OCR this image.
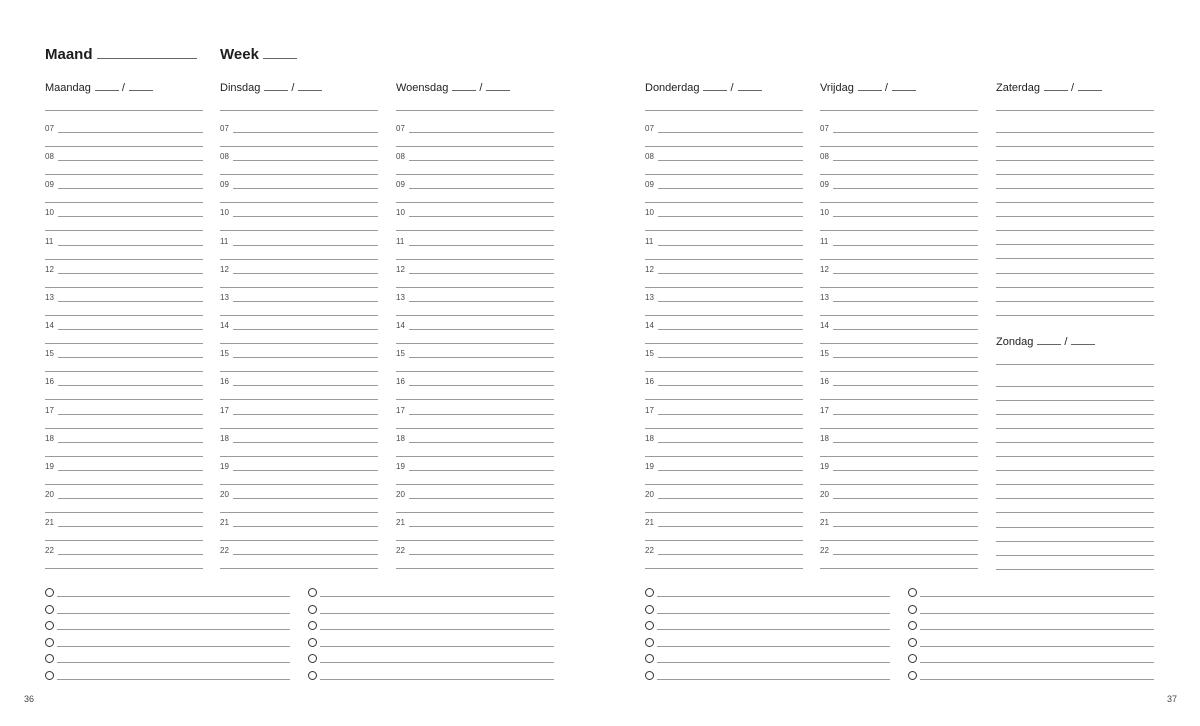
Maand	Week
Maandag	/
07
08
09
10
11
12
13
14
15
16
17
18
19
20
21
22
Dinsdag	/
07
08
09
10
11
12
13
14
15
16
17
18
19
20
21
22
Woensdag	/
07
08
09
10
11
12
13
14
15
16
17
18
19
20
21
22
Donderdag	/
07
08
09
10
11
12
13
14
15
16
17
18
19
20
21
22
Vrijdag	/
07
08
09
10
11
12
13
14
15
16
17
18
19
20
21
22
Zaterdag	/
Zondag	/
36	37
